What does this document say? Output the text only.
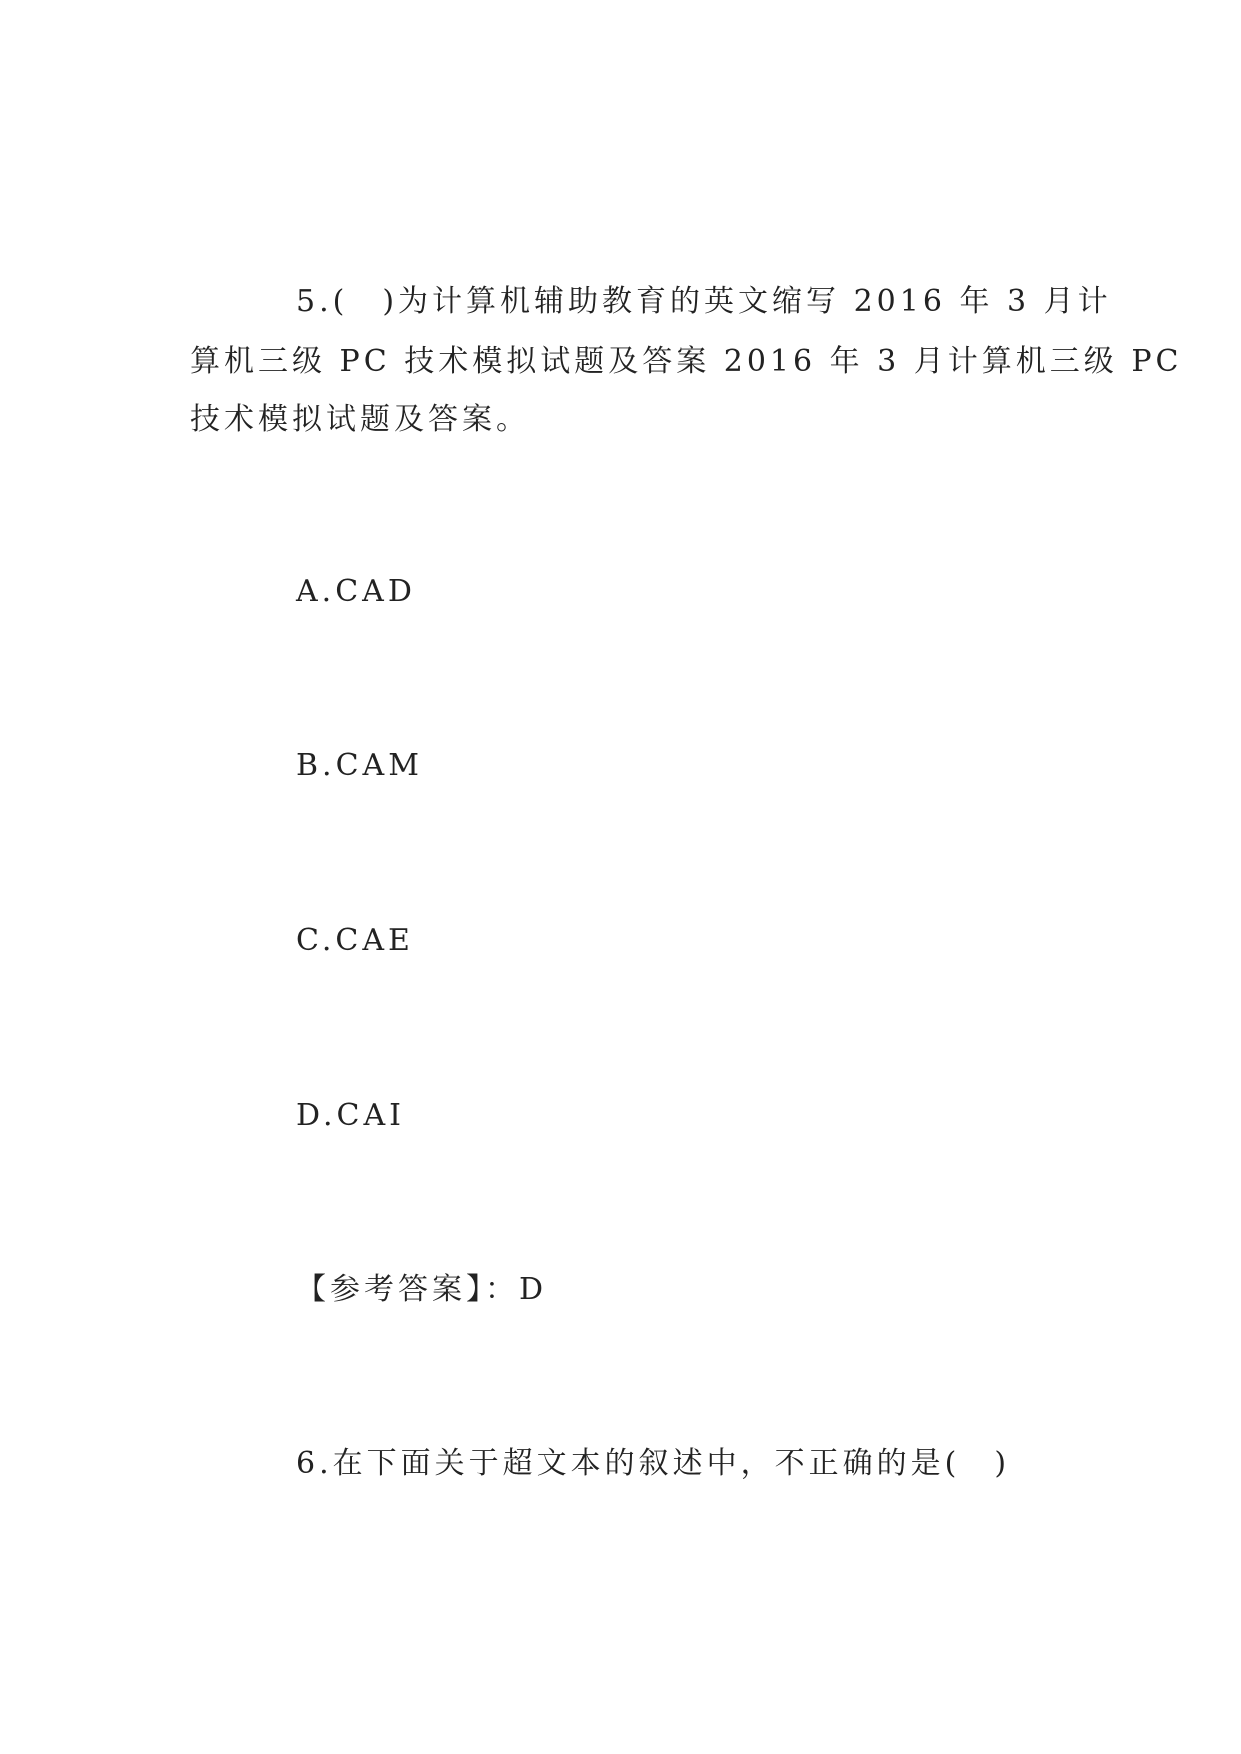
5.(　)为计算机辅助教育的英文缩写 2016 年 3 月计
算机三级 PC 技术模拟试题及答案 2016 年 3 月计算机三级 PC
技术模拟试题及答案。
A.CAD
B.CAM
C.CAE
D.CAI
【参考答案】：D
6.在下面关于超文本的叙述中，不正确的是(　)
